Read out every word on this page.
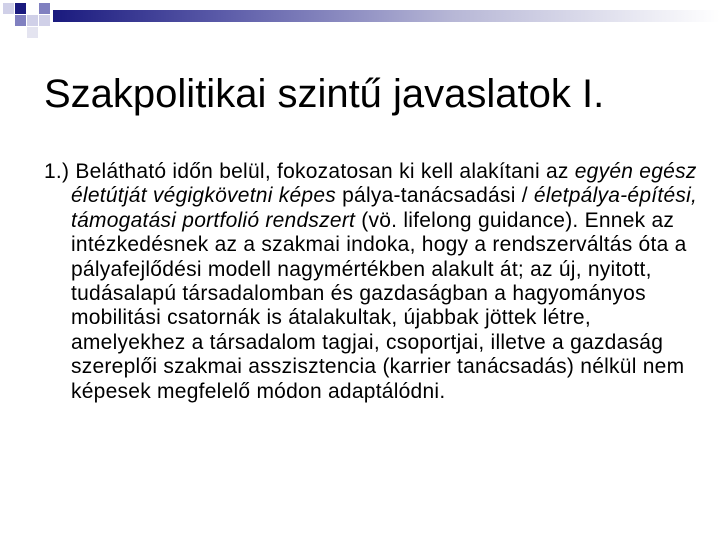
Szakpolitikai szintű javaslatok I.

1.) Belátható időn belül, fokozatosan ki kell alakítani az egyén egész életútját végigkövetni képes pálya-tanácsadási / életpálya-építési, támogatási portfolió rendszert (vö. lifelong guidance). Ennek az intézkedésnek az a szakmai indoka, hogy a rendszerváltás óta a pályafejlődési modell nagymértékben alakult át; az új, nyitott, tudásalapú társadalomban és gazdaságban a hagyományos mobilitási csatornák is átalakultak, újabbak jöttek létre, amelyekhez a társadalom tagjai, csoportjai, illetve a gazdaság szereplői szakmai asszisztencia (karrier tanácsadás) nélkül nem képesek megfelelő módon adaptálódni.
